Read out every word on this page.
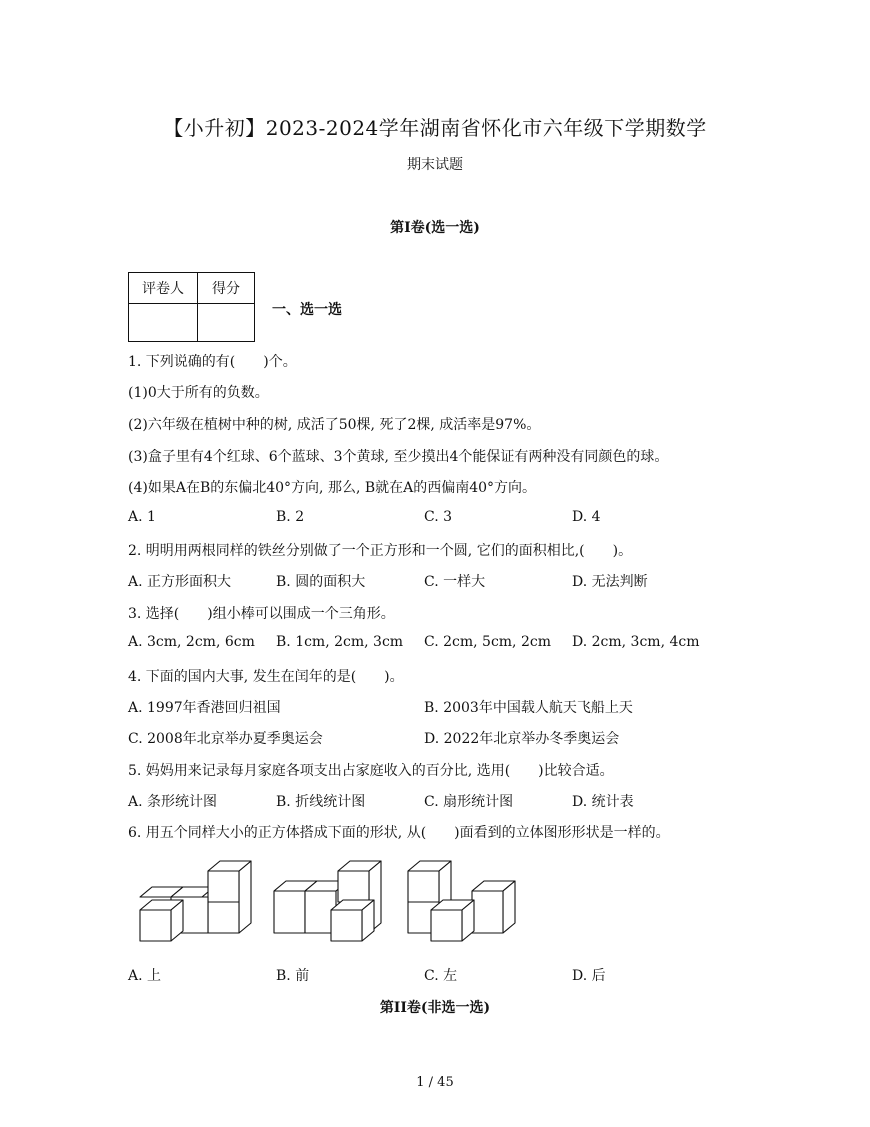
【小升初】2023-2024学年湖南省怀化市六年级下学期数学
期末试题
第I卷(选一选)
评卷人	得分

一、选一选
1. 下列说确的有(　　)个。
(1)0大于所有的负数。
(2)六年级在植树中种的树, 成活了50棵, 死了2棵, 成活率是97%。
(3)盒子里有4个红球、6个蓝球、3个黄球, 至少摸出4个能保证有两种没有同颜色的球。
(4)如果A在B的东偏北40°方向, 那么, B就在A的西偏南40°方向。
A. 1	B. 2	C. 3	D. 4
2. 明明用两根同样的铁丝分别做了一个正方形和一个圆, 它们的面积相比,(　　)。
A. 正方形面积大	B. 圆的面积大	C. 一样大	D. 无法判断
3. 选择(　　)组小棒可以围成一个三角形。
A. 3cm, 2cm, 6cm B. 1cm, 2cm, 3cm C. 2cm, 5cm, 2cm D. 2cm, 3cm, 4cm
4. 下面的国内大事, 发生在闰年的是(　　)。
A. 1997年香港回归祖国	B. 2003年中国载人航天飞船上天
C. 2008年北京举办夏季奥运会	D. 2022年北京举办冬季奥运会
5. 妈妈用来记录每月家庭各项支出占家庭收入的百分比, 选用(　　)比较合适。
A. 条形统计图	B. 折线统计图	C. 扇形统计图	D. 统计表
6. 用五个同样大小的正方体搭成下面的形状, 从(　　)面看到的立体图形形状是一样的。
A. 上	B. 前	C. 左	D. 后
第II卷(非选一选)
1 / 45
